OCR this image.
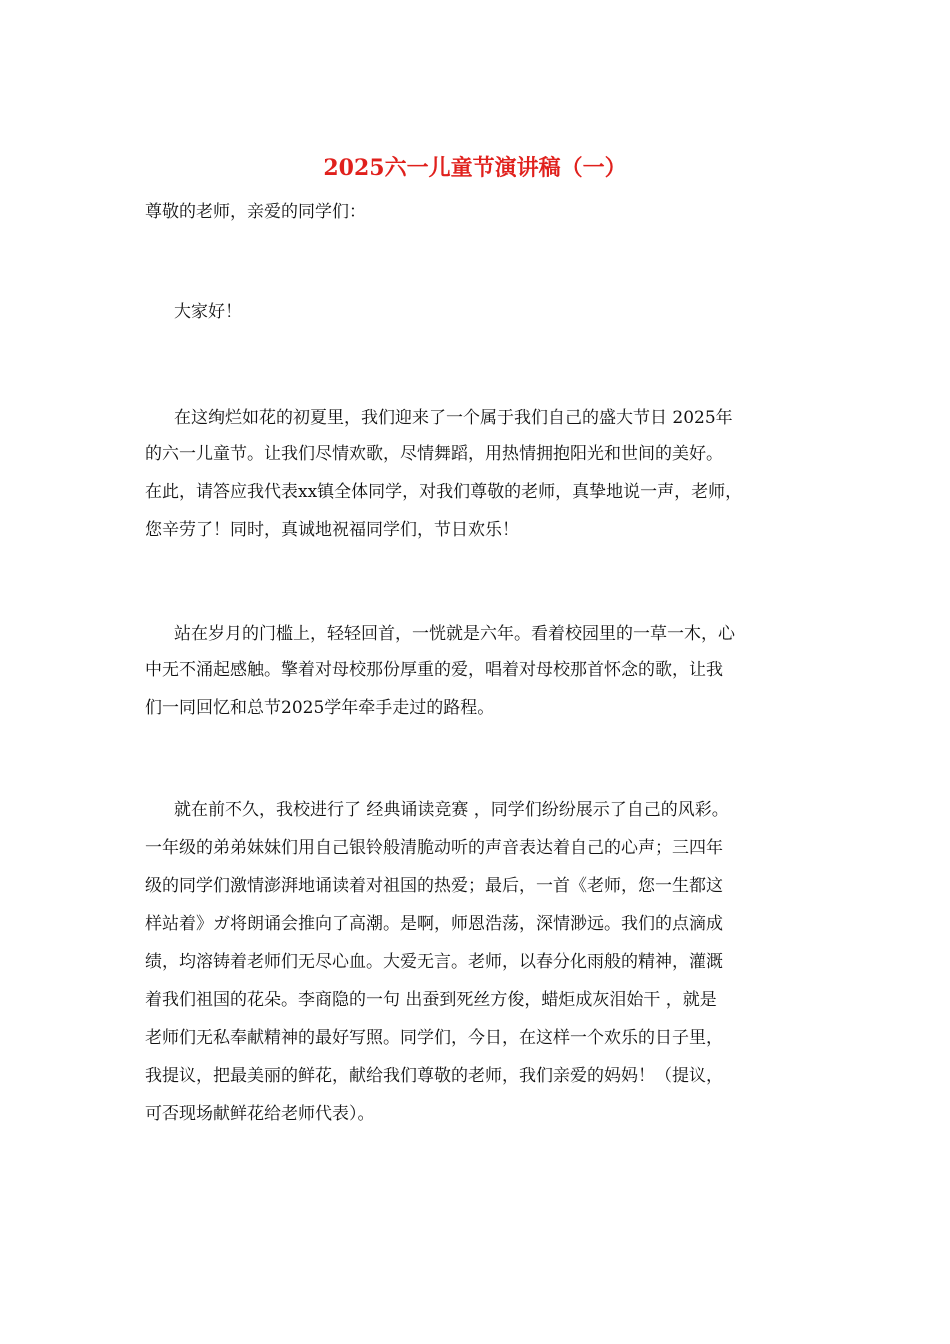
2025六一儿童节演讲稿（一）
尊敬的老师，亲爱的同学们：
大家好！
在这绚烂如花的初夏里，我们迎来了一个属于我们自己的盛大节日 2025年
的六一儿童节。让我们尽情欢歌，尽情舞蹈，用热情拥抱阳光和世间的美好。
在此，请答应我代表xx镇全体同学，对我们尊敬的老师，真挚地说一声，老师，
您辛劳了！同时，真诚地祝福同学们，节日欢乐！
站在岁月的门槛上，轻轻回首，一恍就是六年。看着校园里的一草一木，心
中无不涌起感触。擎着对母校那份厚重的爱，唱着对母校那首怀念的歌，让我
们一同回忆和总节2025学年牵手走过的路程。
就在前不久，我校进行了 经典诵读竞赛 ，同学们纷纷展示了自己的风彩。
一年级的弟弟妹妹们用自己银铃般清脆动听的声音表达着自己的心声；三四年
级的同学们激情澎湃地诵读着对祖国的热爱；最后，一首《老师，您一生都这
样站着》ガ将朗诵会推向了高潮。是啊，师恩浩荡，深情渺远。我们的点滴成
绩，均溶铸着老师们无尽心血。大爱无言。老师，以春分化雨般的精神，灌溉
着我们祖国的花朵。李商隐的一句 出蚕到死丝方俊，蜡炬成灰泪始干 ，就是
老师们无私奉献精神的最好写照。同学们，今日，在这样一个欢乐的日子里，
我提议，把最美丽的鲜花，献给我们尊敬的老师，我们亲爱的妈妈！（提议，
可否现场献鲜花给老师代表）。
